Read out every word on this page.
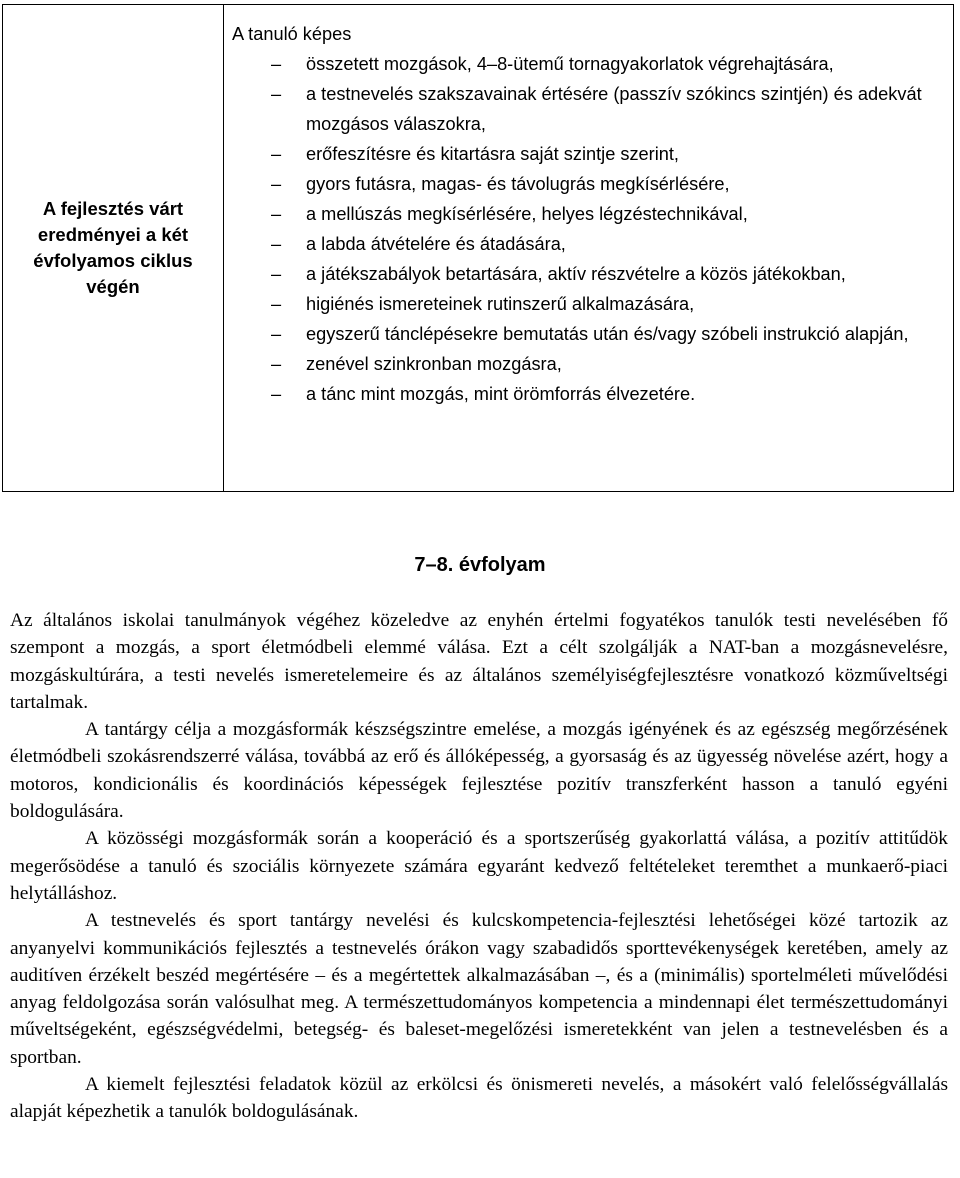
A fejlesztés várt eredményei a két évfolyamos ciklus végén

A tanuló képes

–	összetett mozgások, 4–8-ütemű tornagyakorlatok végrehajtására,
–	a testnevelés szakszavainak értésére (passzív szókincs szintjén) és adekvát mozgásos válaszokra,
–	erőfeszítésre és kitartásra saját szintje szerint,
–	gyors futásra, magas- és távolugrás megkísérlésére,
–	a mellúszás megkísérlésére, helyes légzéstechnikával,
–	a labda átvételére és átadására,
–	a játékszabályok betartására, aktív részvételre a közös játékokban,
–	higiénés ismereteinek rutinszerű alkalmazására,
–	egyszerű tánclépésekre bemutatás után és/vagy szóbeli instrukció alapján,
–	zenével szinkronban mozgásra,
–	a tánc mint mozgás, mint örömforrás élvezetére.
7–8. évfolyam

Az általános iskolai tanulmányok végéhez közeledve az enyhén értelmi fogyatékos tanulók testi nevelésében fő szempont a mozgás, a sport életmódbeli elemmé válása. Ezt a célt szolgálják a NAT-ban a mozgásnevelésre, mozgáskultúrára, a testi nevelés ismeretelemeire és az általános személyiségfejlesztésre vonatkozó közműveltségi tartalmak.

A tantárgy célja a mozgásformák készségszintre emelése, a mozgás igényének és az egészség megőrzésének életmódbeli szokásrendszerré válása, továbbá az erő és állóképesség, a gyorsaság és az ügyesség növelése azért, hogy a motoros, kondicionális és koordinációs képességek fejlesztése pozitív transzferként hasson a tanuló egyéni boldogulására.

A közösségi mozgásformák során a kooperáció és a sportszerűség gyakorlattá válása, a pozitív attitűdök megerősödése a tanuló és szociális környezete számára egyaránt kedvező feltételeket teremthet a munkaerő-piaci helytálláshoz.

A testnevelés és sport tantárgy nevelési és kulcskompetencia-fejlesztési lehetőségei közé tartozik az anyanyelvi kommunikációs fejlesztés a testnevelés órákon vagy szabadidős sporttevékenységek keretében, amely az auditíven érzékelt beszéd megértésére – és a megértettek alkalmazásában –, és a (minimális) sportelméleti művelődési anyag feldolgozása során valósulhat meg. A természettudományos kompetencia a mindennapi élet természettudományi műveltségeként, egészségvédelmi, betegség- és baleset-megelőzési ismeretekként van jelen a testnevelésben és a sportban.

A kiemelt fejlesztési feladatok közül az erkölcsi és önismereti nevelés, a másokért való felelősségvállalás alapját képezhetik a tanulók boldogulásának.
